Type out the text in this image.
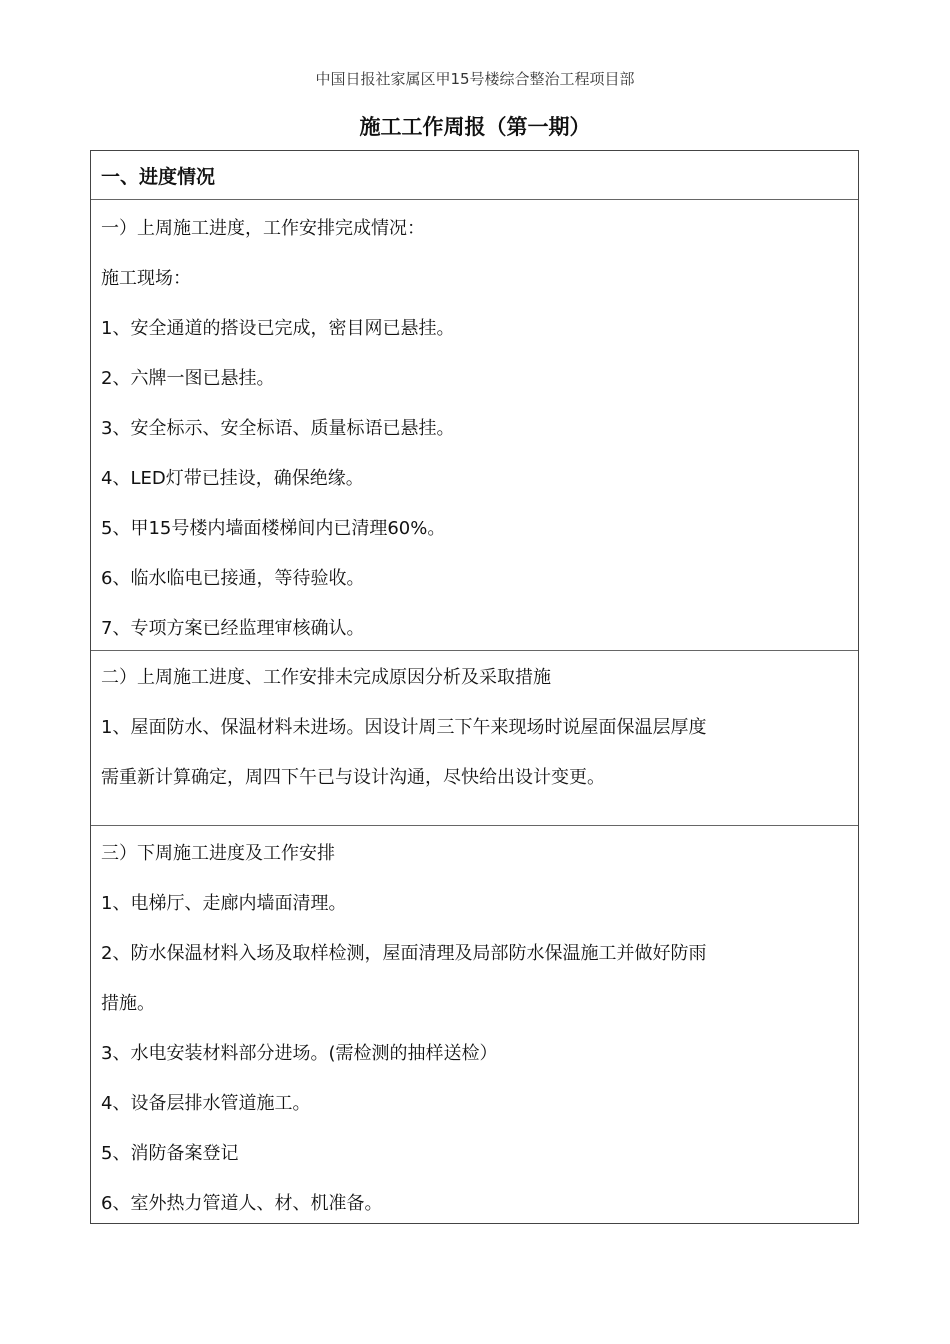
中国日报社家属区甲15号楼综合整治工程项目部
施工工作周报（第一期）
一、进度情况
一）上周施工进度，工作安排完成情况：
施工现场：
1、安全通道的搭设已完成，密目网已悬挂。
2、六牌一图已悬挂。
3、安全标示、安全标语、质量标语已悬挂。
4、LED灯带已挂设，确保绝缘。
5、甲15号楼内墙面楼梯间内已清理60%。
6、临水临电已接通，等待验收。
7、专项方案已经监理审核确认。
二）上周施工进度、工作安排未完成原因分析及采取措施
1、屋面防水、保温材料未进场。因设计周三下午来现场时说屋面保温层厚度
需重新计算确定，周四下午已与设计沟通，尽快给出设计变更。
三）下周施工进度及工作安排
1、电梯厅、走廊内墙面清理。
2、防水保温材料入场及取样检测，屋面清理及局部防水保温施工并做好防雨
措施。
3、水电安装材料部分进场。(需检测的抽样送检）
4、设备层排水管道施工。
5、消防备案登记
6、室外热力管道人、材、机准备。
